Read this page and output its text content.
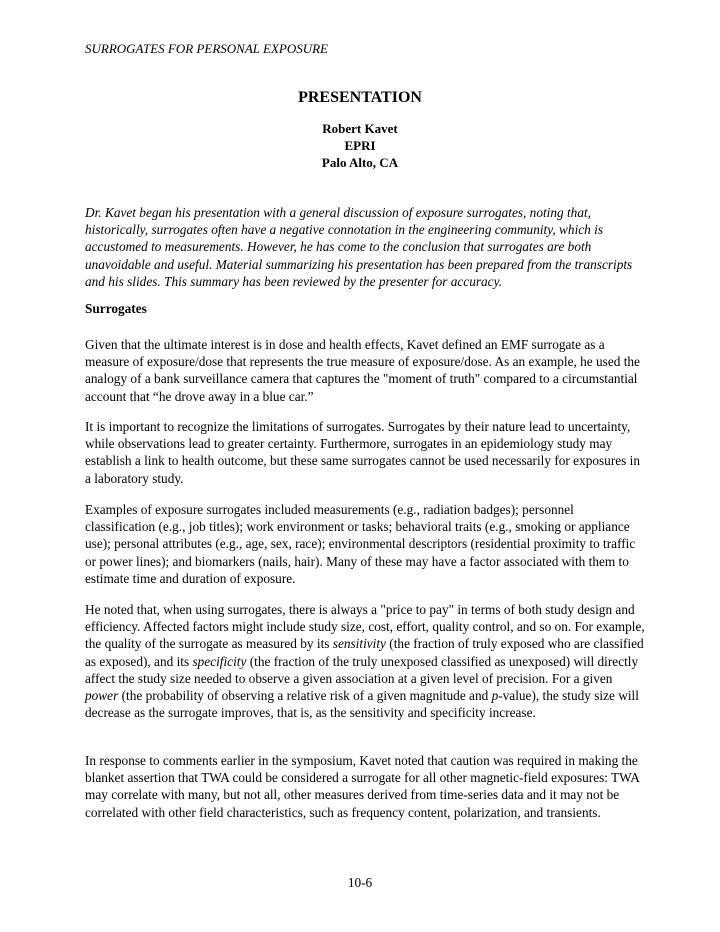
SURROGATES FOR PERSONAL EXPOSURE
PRESENTATION
Robert Kavet
EPRI
Palo Alto, CA

Dr. Kavet began his presentation with a general discussion of exposure surrogates, noting that, historically, surrogates often have a negative connotation in the engineering community, which is accustomed to measurements. However, he has come to the conclusion that surrogates are both unavoidable and useful. Material summarizing his presentation has been prepared from the transcripts and his slides. This summary has been reviewed by the presenter for accuracy.

Surrogates

Given that the ultimate interest is in dose and health effects, Kavet defined an EMF surrogate as a measure of exposure/dose that represents the true measure of exposure/dose. As an example, he used the analogy of a bank surveillance camera that captures the "moment of truth" compared to a circumstantial account that “he drove away in a blue car.”

It is important to recognize the limitations of surrogates. Surrogates by their nature lead to uncertainty, while observations lead to greater certainty. Furthermore, surrogates in an epidemiology study may establish a link to health outcome, but these same surrogates cannot be used necessarily for exposures in a laboratory study.

Examples of exposure surrogates included measurements (e.g., radiation badges); personnel classification (e.g., job titles); work environment or tasks; behavioral traits (e.g., smoking or appliance use); personal attributes (e.g., age, sex, race); environmental descriptors (residential proximity to traffic or power lines); and biomarkers (nails, hair). Many of these may have a factor associated with them to estimate time and duration of exposure.

He noted that, when using surrogates, there is always a "price to pay" in terms of both study design and efficiency. Affected factors might include study size, cost, effort, quality control, and so on. For example, the quality of the surrogate as measured by its sensitivity (the fraction of truly exposed who are classified as exposed), and its specificity (the fraction of the truly unexposed classified as unexposed) will directly affect the study size needed to observe a given association at a given level of precision. For a given power (the probability of observing a relative risk of a given magnitude and p-value), the study size will decrease as the surrogate improves, that is, as the sensitivity and specificity increase.

In response to comments earlier in the symposium, Kavet noted that caution was required in making the blanket assertion that TWA could be considered a surrogate for all other magnetic-field exposures: TWA may correlate with many, but not all, other measures derived from time-series data and it may not be correlated with other field characteristics, such as frequency content, polarization, and transients.

10-6
